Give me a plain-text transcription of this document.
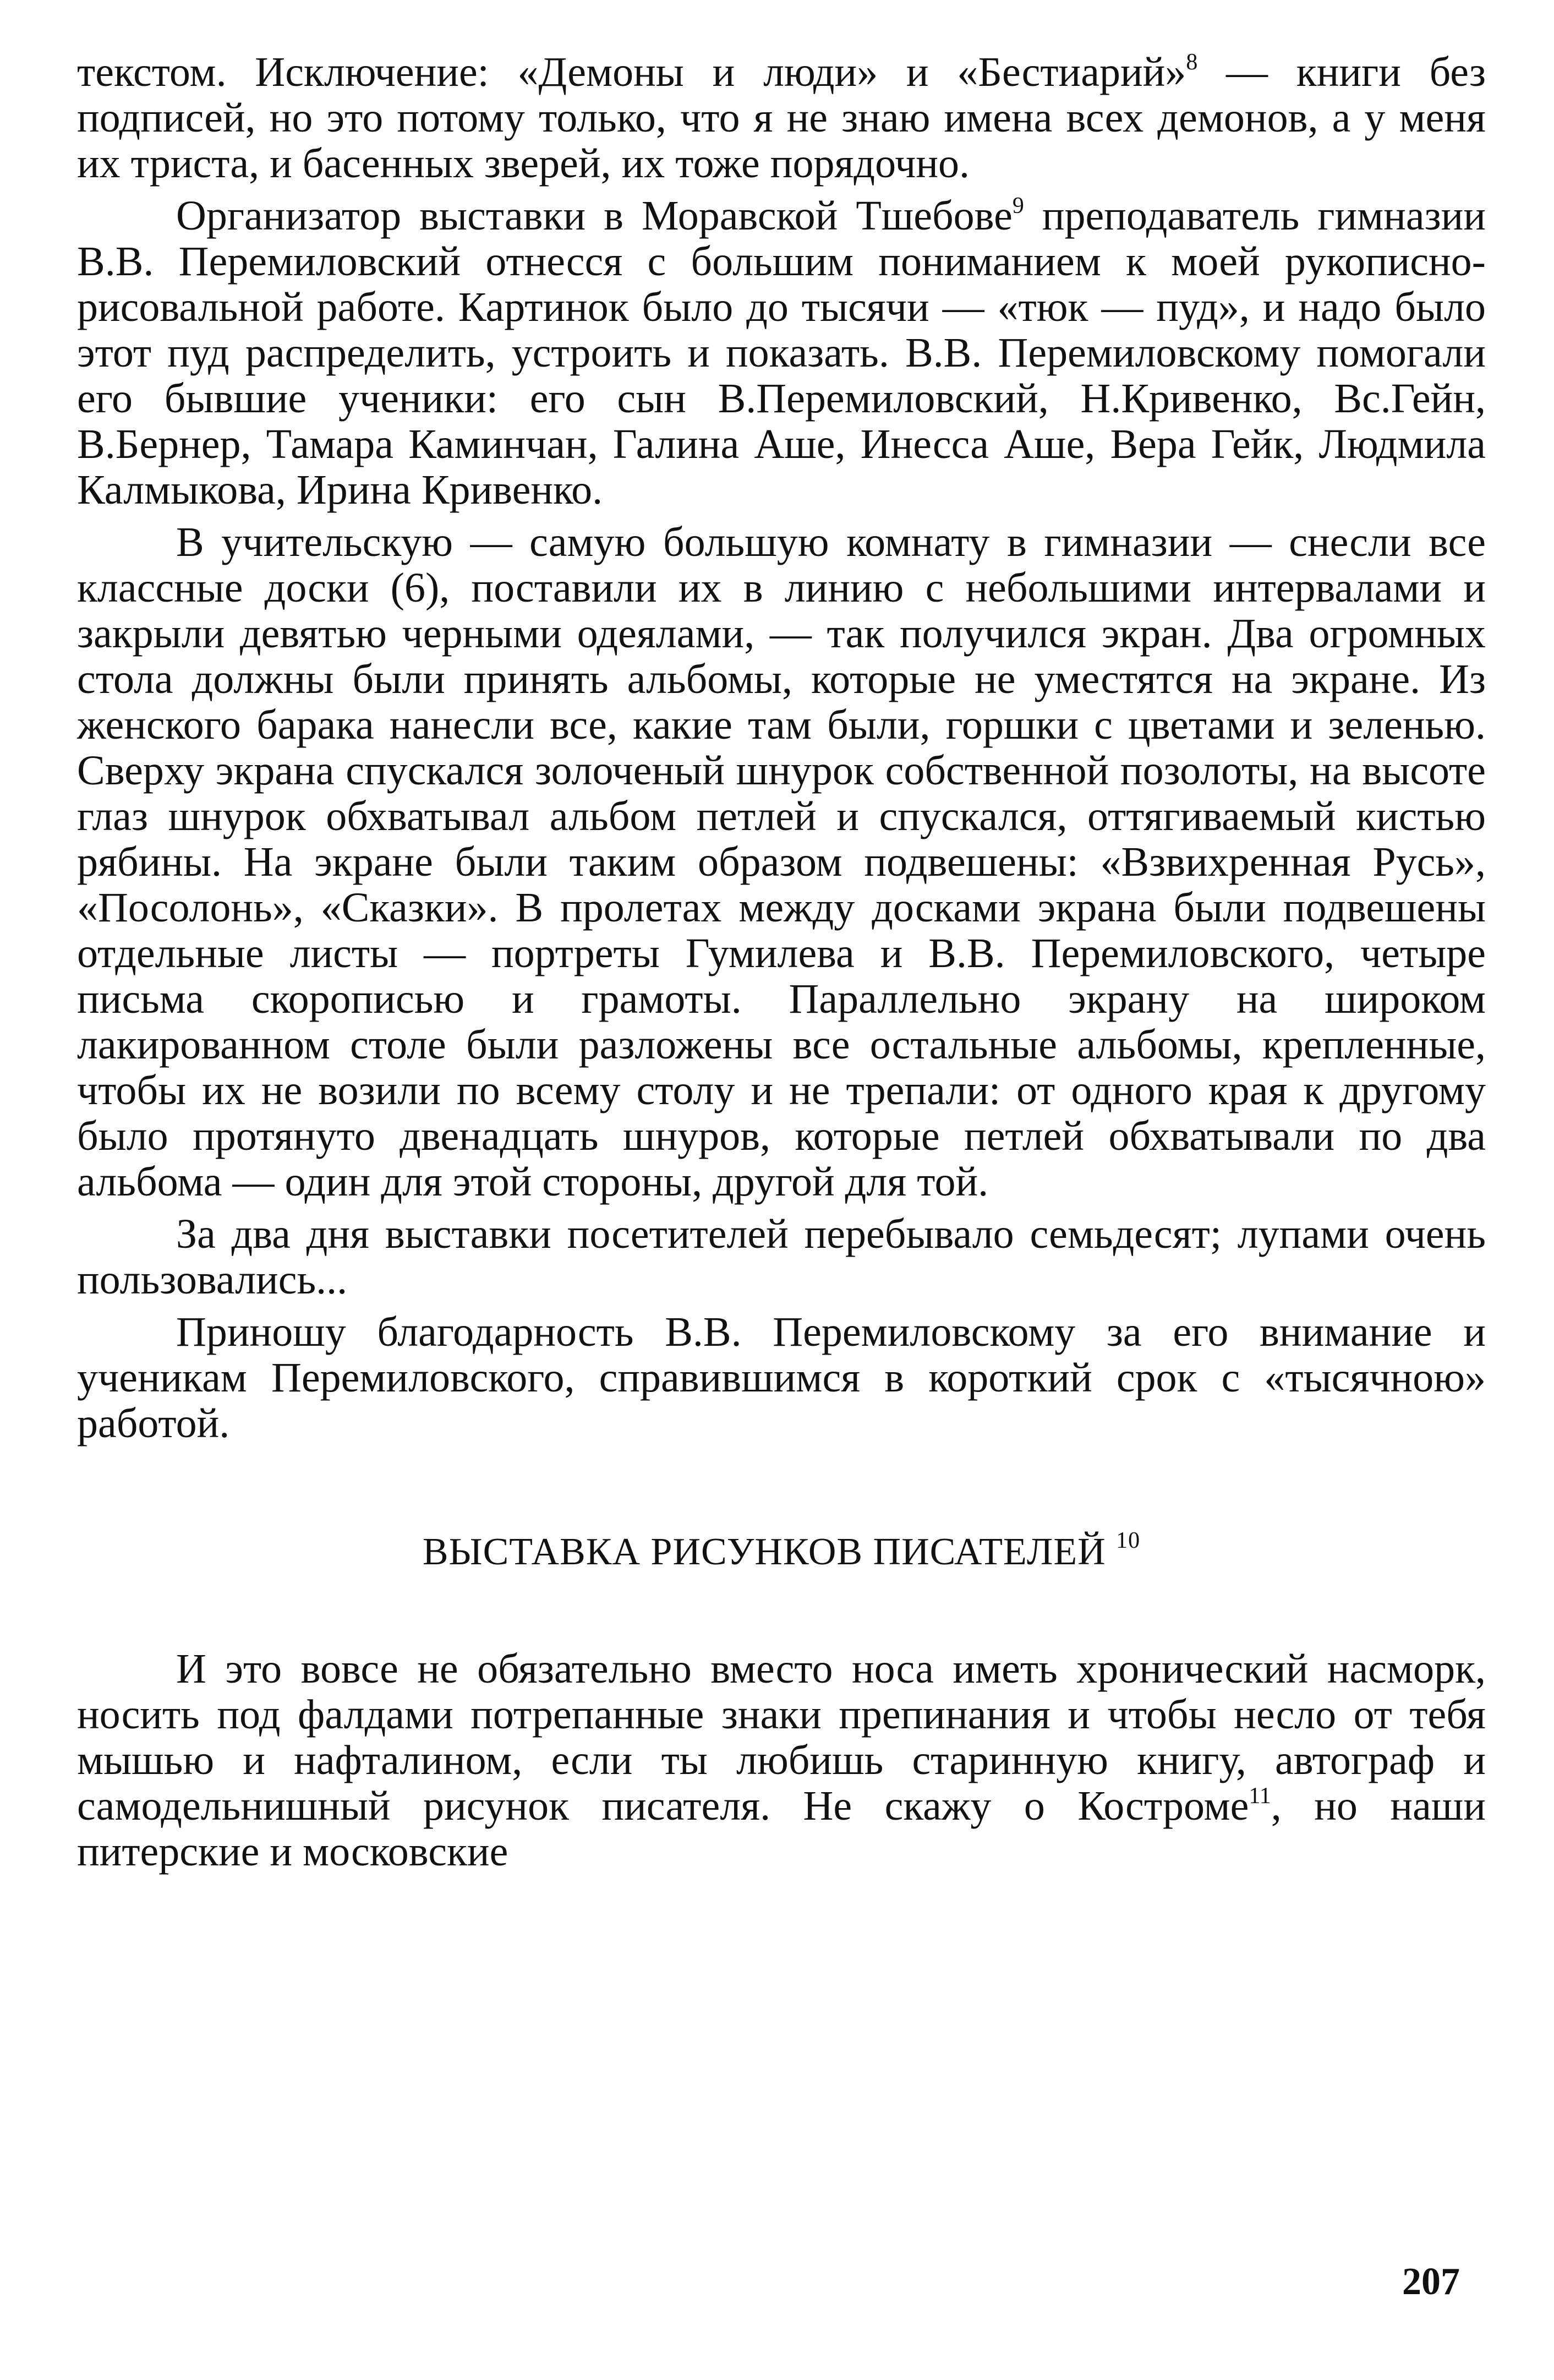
текстом. Исключение: «Демоны и люди» и «Бестиарий»$^8$ — книги без подписей, но это потому только, что я не знаю имена всех демонов, а у меня их триста, и басенных зверей, их тоже порядочно.

Организатор выставки в Моравской Тшебове$^9$ преподаватель гимназии В.В. Перемиловский отнесся с большим пониманием к моей рукописно-рисовальной работе. Картинок было до тысячи — «тюк — пуд», и надо было этот пуд распределить, устроить и показать. В.В. Перемиловскому помогали его бывшие ученики: его сын В.Перемиловский, Н.Кривенко, Вс.Гейн, В.Бернер, Тамара Каминчан, Галина Аше, Инесса Аше, Вера Гейк, Людмила Калмыкова, Ирина Кривенко.

В учительскую — самую большую комнату в гимназии — снесли все классные доски (6), поставили их в линию с небольшими интервалами и закрыли девятью черными одеялами, — так получился экран. Два огромных стола должны были принять альбомы, которые не уместятся на экране. Из женского барака нанесли все, какие там были, горшки с цветами и зеленью. Сверху экрана спускался золоченый шнурок собственной позолоты, на высоте глаз шнурок обхватывал альбом петлей и спускался, оттягиваемый кистью рябины. На экране были таким образом подвешены: «Взвихренная Русь», «Посолонь», «Сказки». В пролетах между досками экрана были подвешены отдельные листы — портреты Гумилева и В.В. Перемиловского, четыре письма скорописью и грамоты. Параллельно экрану на широком лакированном столе были разложены все остальные альбомы, крепленные, чтобы их не возили по всему столу и не трепали: от одного края к другому было протянуто двенадцать шнуров, которые петлей обхватывали по два альбома — один для этой стороны, другой для той.

За два дня выставки посетителей перебывало семьдесят; лупами очень пользовались...

Приношу благодарность В.В. Перемиловскому за его внимание и ученикам Перемиловского, справившимся в короткий срок с «тысячною» работой.

ВЫСТАВКА РИСУНКОВ ПИСАТЕЛЕЙ $^{10}$

И это вовсе не обязательно вместо носа иметь хронический насморк, носить под фалдами потрепанные знаки препинания и чтобы несло от тебя мышью и нафталином, если ты любишь старинную книгу, автограф и самодельнишный рисунок писателя. Не скажу о Костроме$^{11}$, но наши питерские и московские

207
